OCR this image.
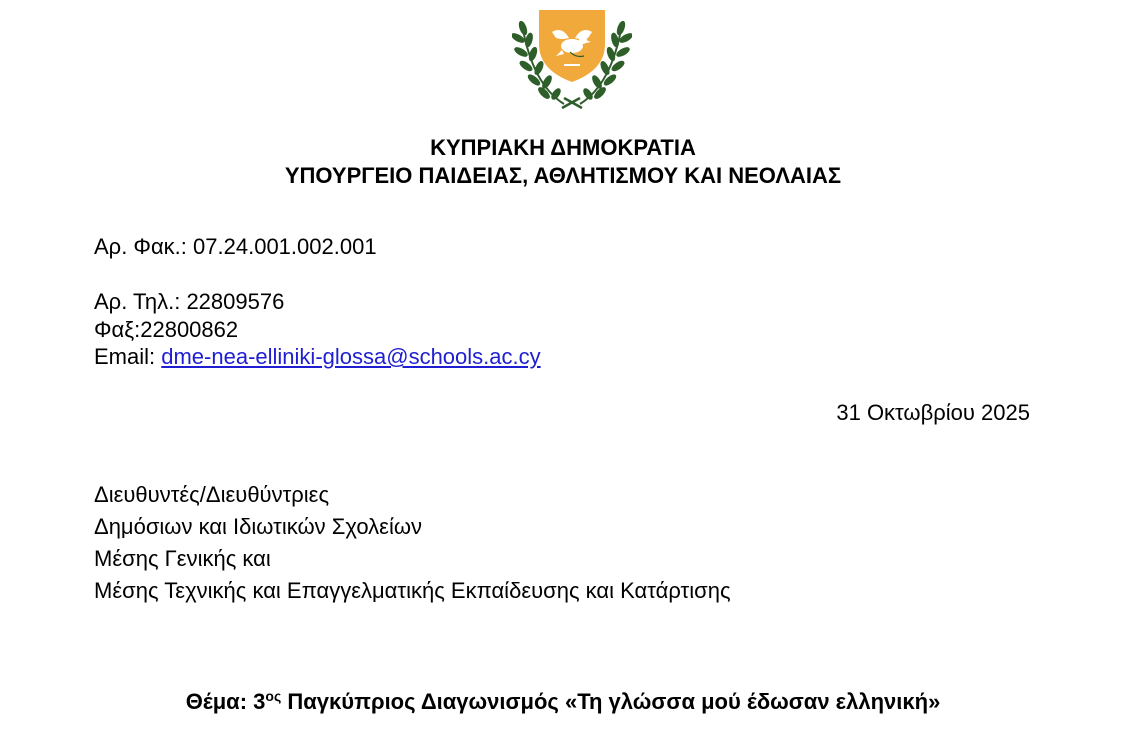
ΚΥΠΡΙΑΚΗ ΔΗΜΟΚΡΑΤΙΑ
ΥΠΟΥΡΓΕΙΟ ΠΑΙΔΕΙΑΣ, ΑΘΛΗΤΙΣΜΟΥ ΚΑΙ ΝΕΟΛΑΙΑΣ
Αρ. Φακ.: 07.24.001.002.001
Αρ. Τηλ.: 22809576
Φαξ:22800862
Email: dme-nea-elliniki-glossa@schools.ac.cy
31 Οκτωβρίου 2025
Διευθυντές/Διευθύντριες
Δημόσιων και Ιδιωτικών Σχολείων
Μέσης Γενικής και
Μέσης Τεχνικής και Επαγγελματικής Εκπαίδευσης και Κατάρτισης
Θέμα: $3^{o\varsigma}$ Παγκύπριος Διαγωνισμός «Τη γλώσσα μού έδωσαν ελληνική»
